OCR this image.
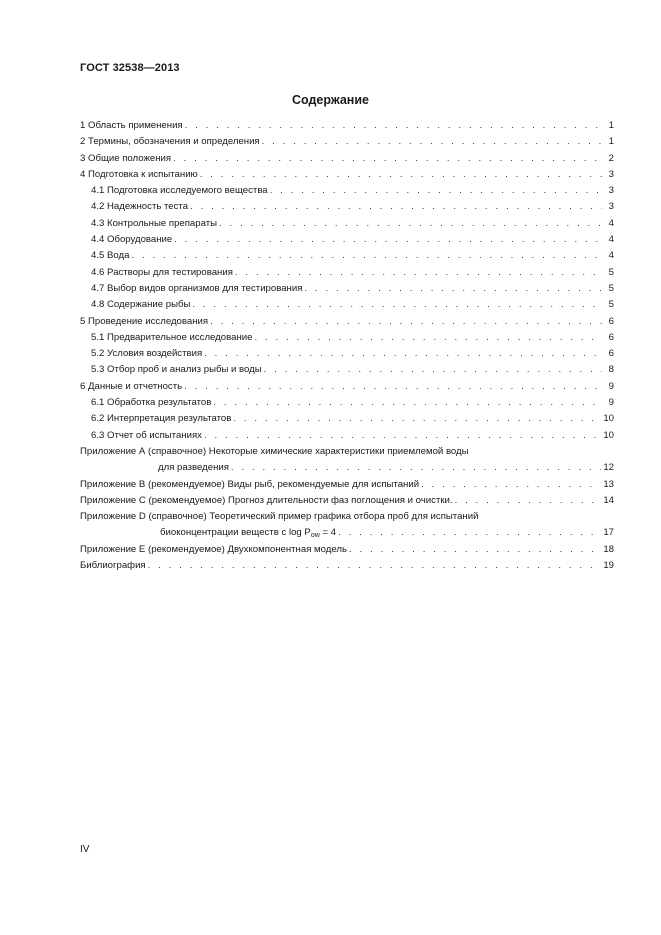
ГОСТ 32538—2013
Содержание
1 Область применения . . .	1
2 Термины, обозначения и определения . . .	1
3 Общие положения . . .	2
4 Подготовка к испытанию . . .	3
4.1 Подготовка исследуемого вещества . . .	3
4.2 Надежность теста . . .	3
4.3 Контрольные препараты . . .	4
4.4 Оборудование . . .	4
4.5 Вода . . .	4
4.6 Растворы для тестирования . . .	5
4.7 Выбор видов организмов для тестирования . . .	5
4.8 Содержание рыбы . . .	5
5 Проведение исследования . . .	6
5.1 Предварительное исследование . . .	6
5.2 Условия воздействия . . .	6
5.3 Отбор проб и анализ рыбы и воды . . .	8
6 Данные и отчетность . . .	9
6.1 Обработка результатов . . .	9
6.2 Интерпретация результатов . . .	10
6.3 Отчет об испытаниях . . .	10
Приложение А (справочное) Некоторые химические характеристики приемлемой воды
для разведения . . .	12
Приложение В (рекомендуемое) Виды рыб, рекомендуемые для испытаний . . .	13
Приложение С (рекомендуемое) Прогноз длительности фаз поглощения и очистки. . . .	14
Приложение D (справочное) Теоретический пример графика отбора проб для испытаний
биоконцентрации веществ с $\log P_{ow} = 4$ . . .	17
Приложение Е (рекомендуемое) Двухкомпонентная модель . . .	18
Библиография . . .	19
IV
